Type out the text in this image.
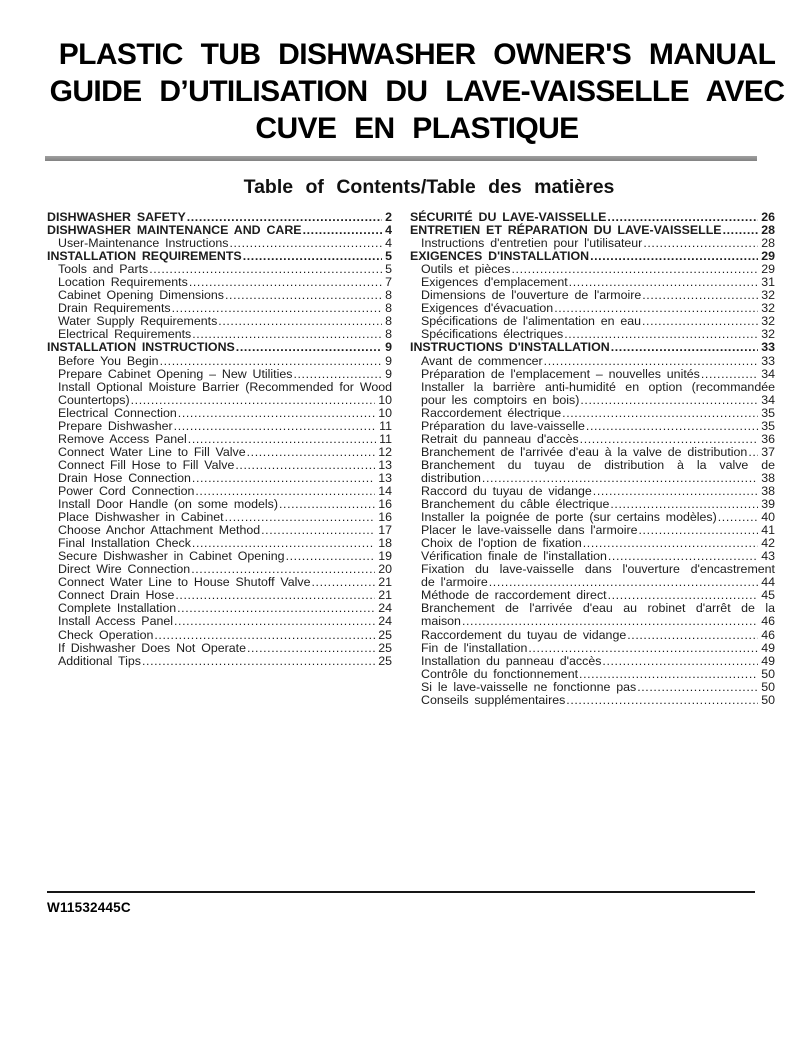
PLASTIC TUB DISHWASHER OWNER'S MANUAL
GUIDE D’UTILISATION DU LAVE-VAISSELLE AVEC
CUVE EN PLASTIQUE
Table of Contents/Table des matières
DISHWASHER SAFETY .....	2
DISHWASHER MAINTENANCE AND CARE .....	4
User-Maintenance Instructions .....	4
INSTALLATION REQUIREMENTS .....	5
Tools and Parts .....	5
Location Requirements .....	7
Cabinet Opening Dimensions .....	8
Drain Requirements .....	8
Water Supply Requirements .....	8
Electrical Requirements .....	8
INSTALLATION INSTRUCTIONS .....	9
Before You Begin .....	9
Prepare Cabinet Opening – New Utilities .....	9
Install Optional Moisture Barrier (Recommended for Wood
Countertops) .....	10
Electrical Connection .....	10
Prepare Dishwasher .....	11
Remove Access Panel .....	11
Connect Water Line to Fill Valve .....	12
Connect Fill Hose to Fill Valve .....	13
Drain Hose Connection .....	13
Power Cord Connection .....	14
Install Door Handle (on some models) .....	16
Place Dishwasher in Cabinet .....	16
Choose Anchor Attachment Method .....	17
Final Installation Check .....	18
Secure Dishwasher in Cabinet Opening .....	19
Direct Wire Connection .....	20
Connect Water Line to House Shutoff Valve .....	21
Connect Drain Hose .....	21
Complete Installation .....	24
Install Access Panel .....	24
Check Operation .....	25
If Dishwasher Does Not Operate .....	25
Additional Tips .....	25
SÉCURITÉ DU LAVE-VAISSELLE .....	26
ENTRETIEN ET RÉPARATION DU LAVE-VAISSELLE .....	28
Instructions d'entretien pour l'utilisateur .....	28
EXIGENCES D'INSTALLATION .....	29
Outils et pièces .....	29
Exigences d'emplacement .....	31
Dimensions de l'ouverture de l'armoire .....	32
Exigences d'évacuation .....	32
Spécifications de l'alimentation en eau .....	32
Spécifications électriques .....	32
INSTRUCTIONS D'INSTALLATION .....	33
Avant de commencer .....	33
Préparation de l'emplacement – nouvelles unités .....	34
Installer la barrière anti-humidité en option (recommandée
pour les comptoirs en bois) .....	34
Raccordement électrique .....	35
Préparation du lave-vaisselle .....	35
Retrait du panneau d'accès .....	36
Branchement de l'arrivée d'eau à la valve de distribution ..... 37
Branchement du tuyau de distribution à la valve de
distribution .....	38
Raccord du tuyau de vidange .....	38
Branchement du câble électrique .....	39
Installer la poignée de porte (sur certains modèles) .....	40
Placer le lave-vaisselle dans l'armoire .....	41
Choix de l'option de fixation .....	42
Vérification finale de l'installation .....	43
Fixation du lave-vaisselle dans l'ouverture d'encastrement
de l'armoire .....	44
Méthode de raccordement direct .....	45
Branchement de l'arrivée d'eau au robinet d'arrêt de la
maison .....	46
Raccordement du tuyau de vidange .....	46
Fin de l'installation .....	49
Installation du panneau d'accès .....	49
Contrôle du fonctionnement .....	50
Si le lave-vaisselle ne fonctionne pas .....	50
Conseils supplémentaires .....	50
W11532445C
